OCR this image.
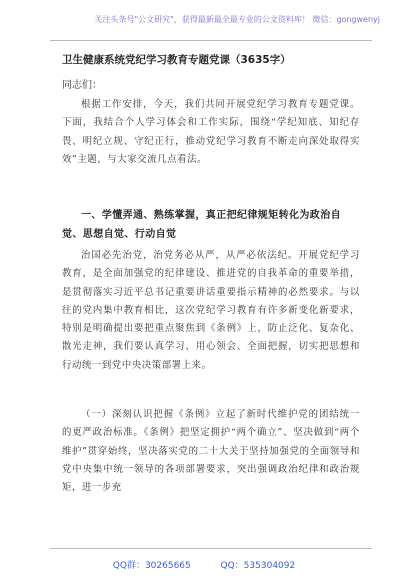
关注头条号"公文研究"，获得最新最全最专业的公文资料库！ 微信：gongwenyj
卫生健康系统党纪学习教育专题党课（3635字）
同志们：
根据工作安排，今天，我们共同开展党纪学习教育专题党课。下面，我结合个人学习体会和工作实际，围绕“学纪知底、知纪存畏、明纪立规、守纪正行，推动党纪学习教育不断走向深处取得实效”主题，与大家交流几点看法。
一、学懂弄通、熟练掌握，真正把纪律规矩转化为政治自觉、思想自觉、行动自觉
治国必先治党，治党务必从严，从严必依法纪。开展党纪学习教育，是全面加强党的纪律建设、推进党的自我革命的重要举措，是贯彻落实习近平总书记重要讲话重要指示精神的必然要求。与以往的党内集中教育相比，这次党纪学习教育有许多新变化新要求，特别是明确提出要把重点聚焦到《条例》上，防止泛化、复杂化、散光走神，我们要认真学习、用心领会、全面把握，切实把思想和行动统一到党中央决策部署上来。
（一）深刻认识把握《条例》立起了新时代维护党的团结统一的更严政治标准。《条例》把坚定拥护“两个确立”、坚决做到“两个维护”贯穿始终，坚决落实党的二十大关于坚持加强党的全面领导和党中央集中统一领导的各项部署要求，突出强调政治纪律和政治规矩，进一步充
QQ群：30265665	QQ：535304092
